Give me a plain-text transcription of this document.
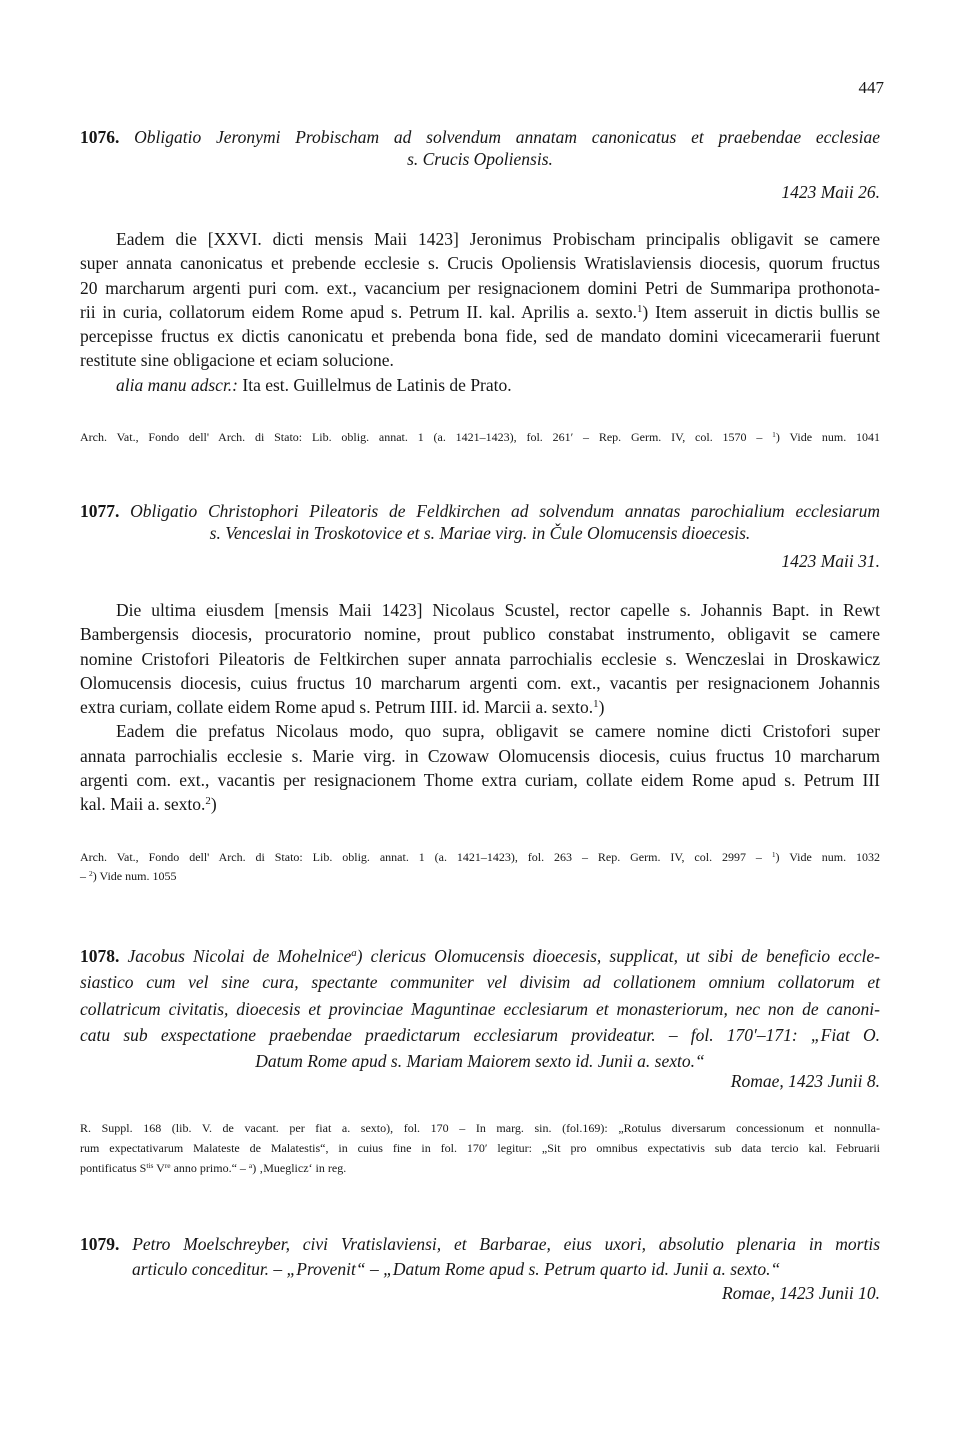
447
1076. Obligatio Jeronymi Probischam ad solvendum annatam canonicatus et praebendae ecclesiae
s. Crucis Opoliensis.
1423 Maii 26.
Eadem die [XXVI. dicti mensis Maii 1423] Jeronimus Probischam principalis obligavit se camere
super annata canonicatus et prebende ecclesie s. Crucis Opoliensis Wratislaviensis diocesis, quorum fructus
20 marcharum argenti puri com. ext., vacancium per resignacionem domini Petri de Summaripa prothonota-
rii in curia, collatorum eidem Rome apud s. Petrum II. kal. Aprilis a. sexto.$^1$) Item asseruit in dictis bullis se
percepisse fructus ex dictis canonicatu et prebenda bona fide, sed de mandato domini vicecamerarii fuerunt
restitute sine obligacione et eciam solucione.
alia manu adscr.: Ita est. Guillelmus de Latinis de Prato.
Arch. Vat., Fondo dell' Arch. di Stato: Lib. oblig. annat. 1 (a. 1421–1423), fol. 261′ – Rep. Germ. IV, col. 1570 – $^1$) Vide num. 1041
1077. Obligatio Christophori Pileatoris de Feldkirchen ad solvendum annatas parochialium ecclesiarum
s. Venceslai in Troskotovice et s. Mariae virg. in Čule Olomucensis dioecesis.
1423 Maii 31.
Die ultima eiusdem [mensis Maii 1423] Nicolaus Scustel, rector capelle s. Johannis Bapt. in Rewt
Bambergensis diocesis, procuratorio nomine, prout publico constabat instrumento, obligavit se camere
nomine Cristofori Pileatoris de Feltkirchen super annata parrochialis ecclesie s. Wenczeslai in Droskawicz
Olomucensis diocesis, cuius fructus 10 marcharum argenti com. ext., vacantis per resignacionem Johannis
extra curiam, collate eidem Rome apud s. Petrum IIII. id. Marcii a. sexto.$^1$)
Eadem die prefatus Nicolaus modo, quo supra, obligavit se camere nomine dicti Cristofori super
annata parrochialis ecclesie s. Marie virg. in Czowaw Olomucensis diocesis, cuius fructus 10 marcharum
argenti com. ext., vacantis per resignacionem Thome extra curiam, collate eidem Rome apud s. Petrum III
kal. Maii a. sexto.$^2$)
Arch. Vat., Fondo dell' Arch. di Stato: Lib. oblig. annat. 1 (a. 1421–1423), fol. 263 – Rep. Germ. IV, col. 2997 – $^1$) Vide num. 1032
– $^2$) Vide num. 1055
1078. Jacobus Nicolai de Mohelnice$^a$) clericus Olomucensis dioecesis, supplicat, ut sibi de beneficio eccle-
siastico cum vel sine cura, spectante communiter vel divisim ad collationem omnium collatorum et
collatricum civitatis, dioecesis et provinciae Maguntinae ecclesiarum et monasteriorum, nec non de canoni-
catu sub exspectatione praebendae praedictarum ecclesiarum provideatur. – fol. 170′–171: „Fiat O.
Datum Rome apud s. Mariam Maiorem sexto id. Junii a. sexto.“
Romae, 1423 Junii 8.
R. Suppl. 168 (lib. V. de vacant. per fiat a. sexto), fol. 170 – In marg. sin. (fol.169): „Rotulus diversarum concessionum et nonnulla-
rum expectativarum Malateste de Malatestis“, in cuius fine in fol. 170′ legitur: „Sit pro omnibus expectativis sub data tercio kal. Februarii
pontificatus $S^{tis}$ Vre anno primo.“ – $^a$) ‚Mueglicz‘ in reg.
1079. Petro Moelschreyber, civi Vratislaviensi, et Barbarae, eius uxori, absolutio plenaria in mortis
articulo conceditur. – „Provenit“ – „Datum Rome apud s. Petrum quarto id. Junii a. sexto.“
Romae, 1423 Junii 10.
